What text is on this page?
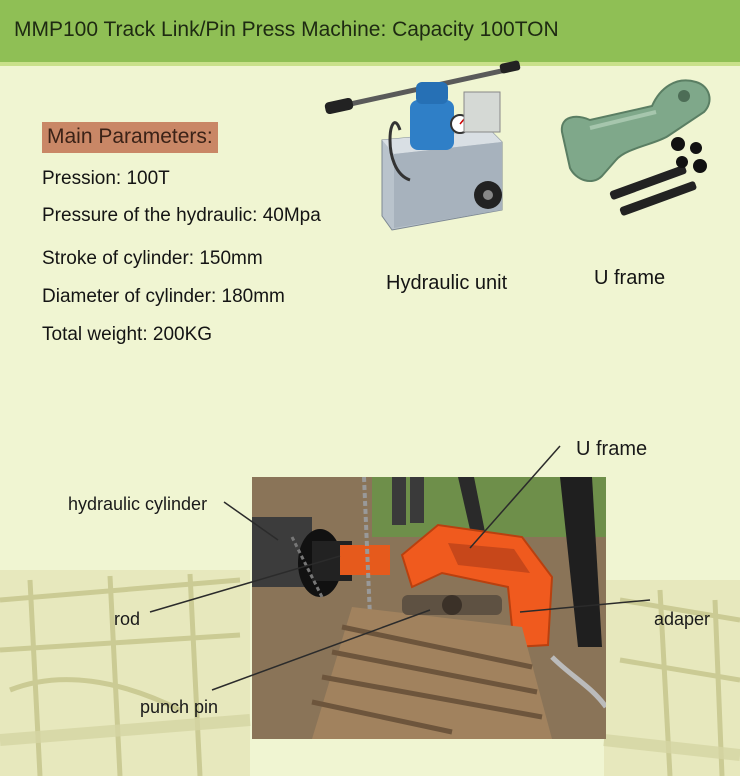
MMP100 Track Link/Pin Press Machine: Capacity 100TON
Main Parameters:
Pression: 100T
Pressure of the hydraulic: 40Mpa
Stroke of cylinder: 150mm
Diameter of cylinder: 180mm
Total weight: 200KG
Hydraulic unit	U frame
U frame
hydraulic cylinder
rod	adaper
punch pin
